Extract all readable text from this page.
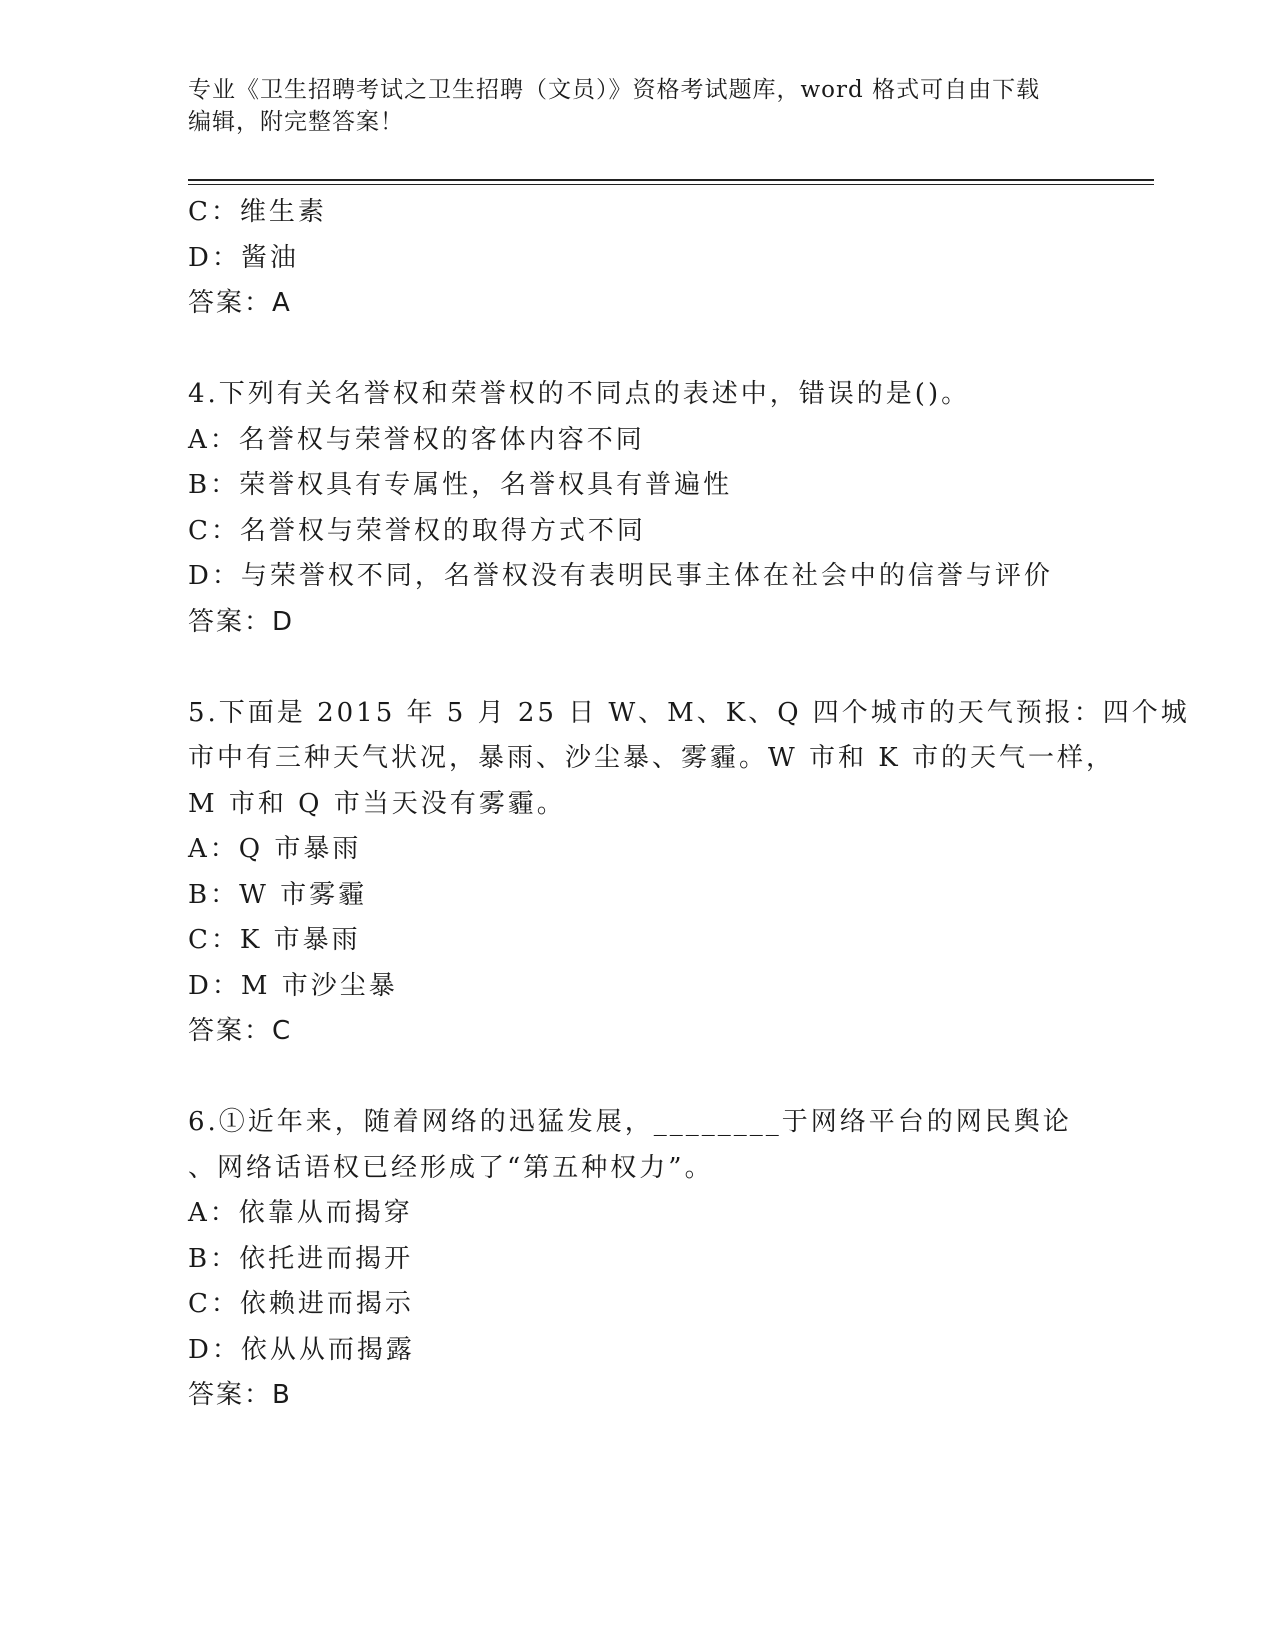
专业《卫生招聘考试之卫生招聘（文员）》资格考试题库，word 格式可自由下载
编辑，附完整答案！
C：维生素
D：酱油
答案：A
4.下列有关名誉权和荣誉权的不同点的表述中，错误的是()。
A：名誉权与荣誉权的客体内容不同
B：荣誉权具有专属性，名誉权具有普遍性
C：名誉权与荣誉权的取得方式不同
D：与荣誉权不同，名誉权没有表明民事主体在社会中的信誉与评价
答案：D
5.下面是 2015 年 5 月 25 日 W、M、K、Q 四个城市的天气预报：四个城
市中有三种天气状况，暴雨、沙尘暴、雾霾。W 市和 K 市的天气一样，
M 市和 Q 市当天没有雾霾。
A：Q 市暴雨
B：W 市雾霾
C：K 市暴雨
D：M 市沙尘暴
答案：C
6.①近年来，随着网络的迅猛发展，________于网络平台的网民舆论
、网络话语权已经形成了“第五种权力”。
A：依靠从而揭穿
B：依托进而揭开
C：依赖进而揭示
D：依从从而揭露
答案：B
